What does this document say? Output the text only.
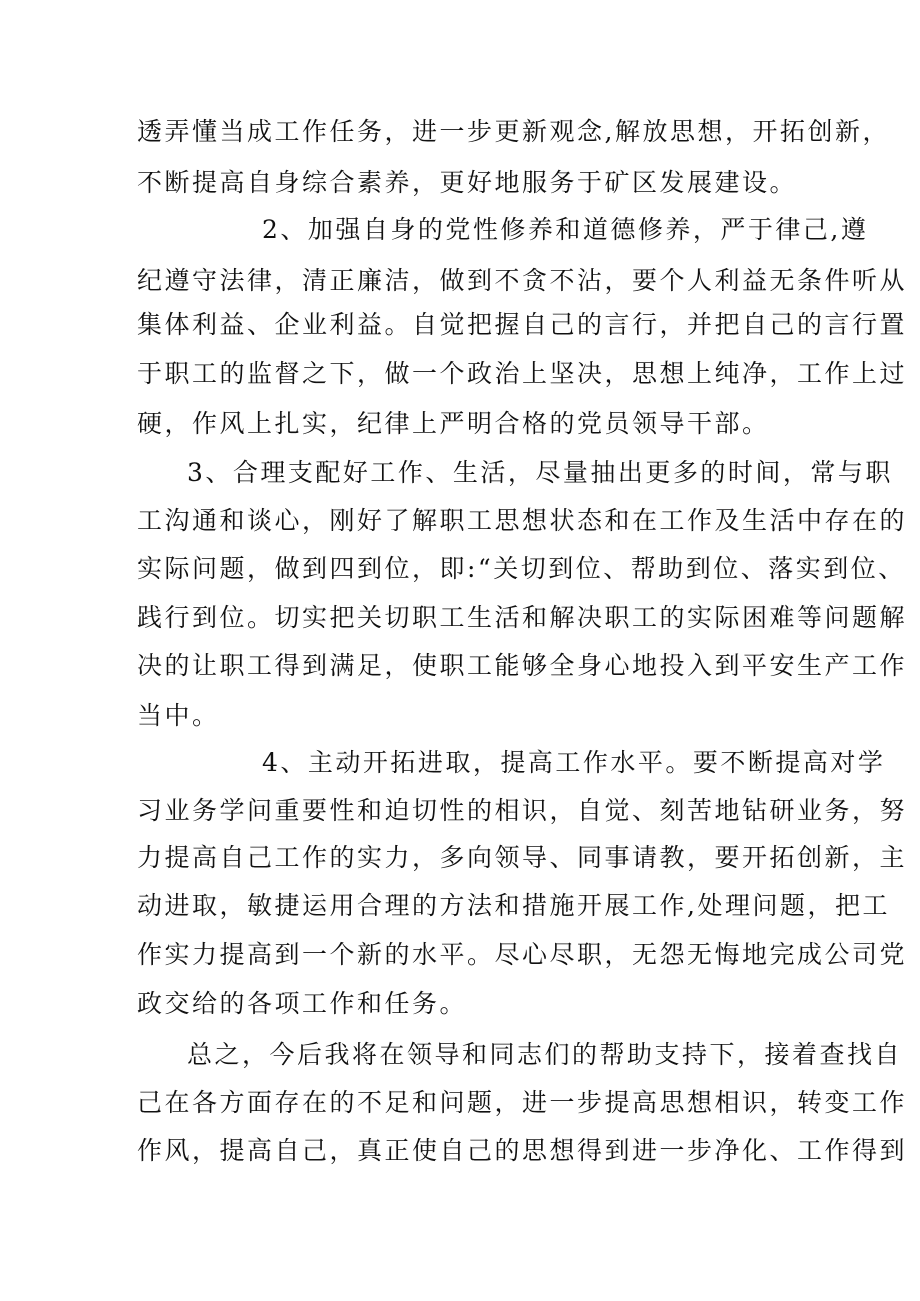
透弄懂当成工作任务，进一步更新观念,解放思想，开拓创新，
不断提高自身综合素养，更好地服务于矿区发展建设。
2、加强自身的党性修养和道德修养，严于律己,遵
纪遵守法律，清正廉洁，做到不贪不沾，要个人利益无条件听从
集体利益、企业利益。自觉把握自己的言行，并把自己的言行置
于职工的监督之下，做一个政治上坚决，思想上纯净，工作上过
硬，作风上扎实，纪律上严明合格的党员领导干部。
3、合理支配好工作、生活，尽量抽出更多的时间，常与职
工沟通和谈心，刚好了解职工思想状态和在工作及生活中存在的
实际问题，做到四到位，即:“关切到位、帮助到位、落实到位、
践行到位。切实把关切职工生活和解决职工的实际困难等问题解
决的让职工得到满足，使职工能够全身心地投入到平安生产工作
当中。
4、主动开拓进取，提高工作水平。要不断提高对学
习业务学问重要性和迫切性的相识，自觉、刻苦地钻研业务，努
力提高自己工作的实力，多向领导、同事请教，要开拓创新，主
动进取，敏捷运用合理的方法和措施开展工作,处理问题，把工
作实力提高到一个新的水平。尽心尽职，无怨无悔地完成公司党
政交给的各项工作和任务。
总之，今后我将在领导和同志们的帮助支持下，接着查找自
己在各方面存在的不足和问题，进一步提高思想相识，转变工作
作风，提高自己，真正使自己的思想得到进一步净化、工作得到
